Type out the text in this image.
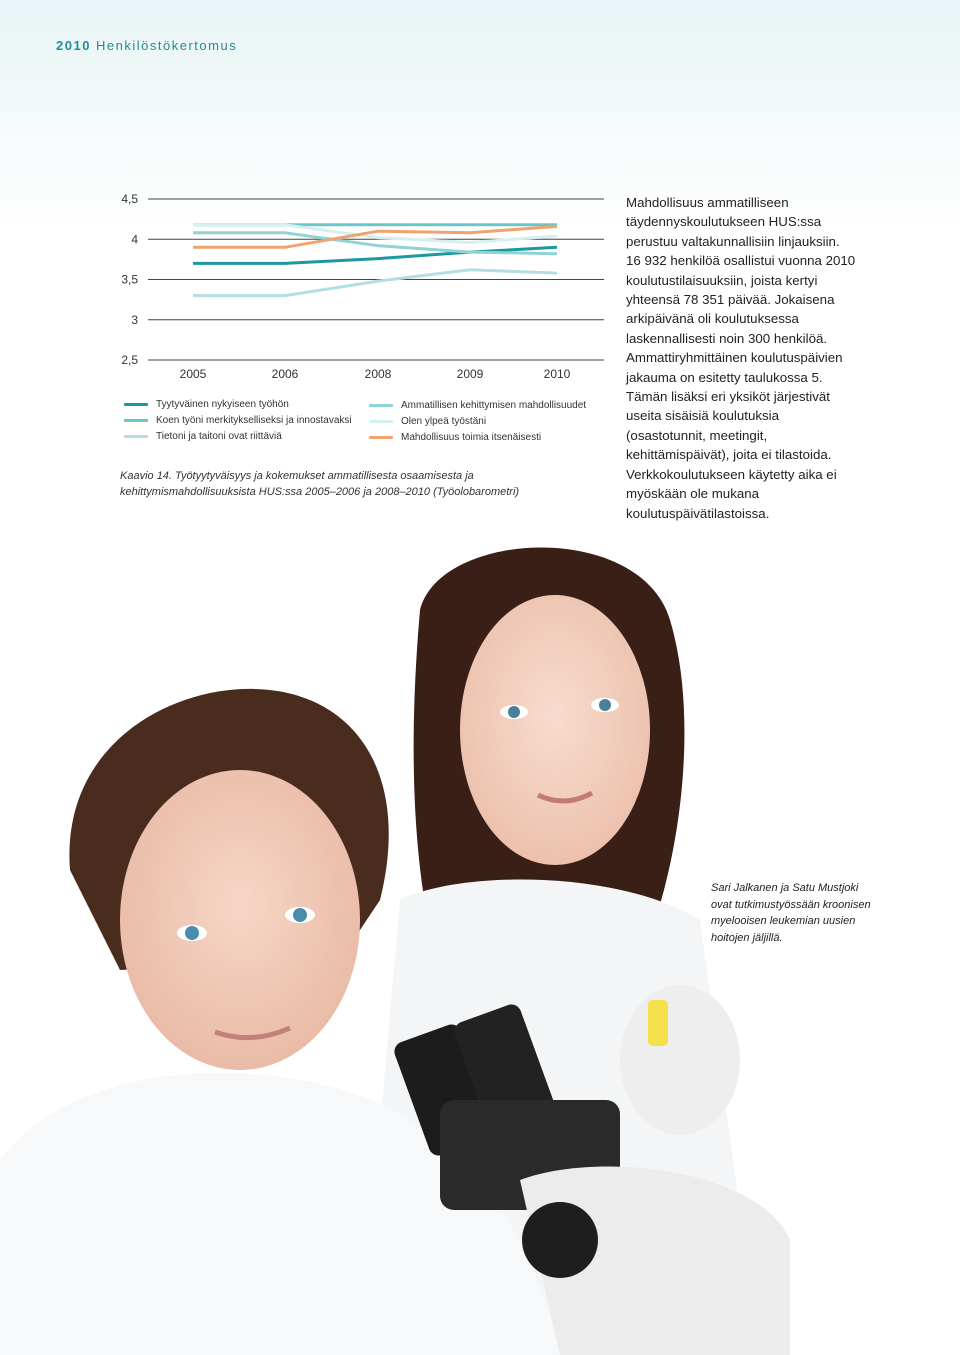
2010 Henkilöstökertomus
4,5
4
3,5
3
2,5
2005	2006	2008	2009	2010
Tyytyväinen nykyiseen työhön
Koen työni merkitykselliseksi ja innostavaksi
Tietoni ja taitoni ovat riittäviä
Ammatillisen kehittymisen mahdollisuudet
Olen ylpeä työstäni
Mahdollisuus toimia itsenäisesti
Kaavio 14. Työtyytyväisyys ja kokemukset ammatillisesta osaamisesta ja kehittymismahdollisuuksista HUS:ssa 2005–2006 ja 2008–2010 (Työolobarometri)
Mahdollisuus ammatilliseen täydennyskoulutukseen HUS:ssa perustuu valtakunnallisiin linjauksiin. 16 932 henkilöä osallistui vuonna 2010 koulutustilaisuuksiin, joista kertyi yhteensä 78 351 päivää. Jokaisena arkipäivänä oli koulutuksessa laskennallisesti noin 300 henkilöä. Ammattiryhmittäinen koulutuspäivien jakauma on esitetty taulukossa 5. Tämän lisäksi eri yksiköt järjestivät useita sisäisiä koulutuksia (osastotunnit, meetingit, kehittämispäivät), joita ei tilastoida. Verkkokoulutukseen käytetty aika ei myöskään ole mukana koulutuspäivätilastoissa.
Sari Jalkanen ja Satu Mustjoki ovat tutkimustyössään kroonisen myelooisen leukemian uusien hoitojen jäljillä.
